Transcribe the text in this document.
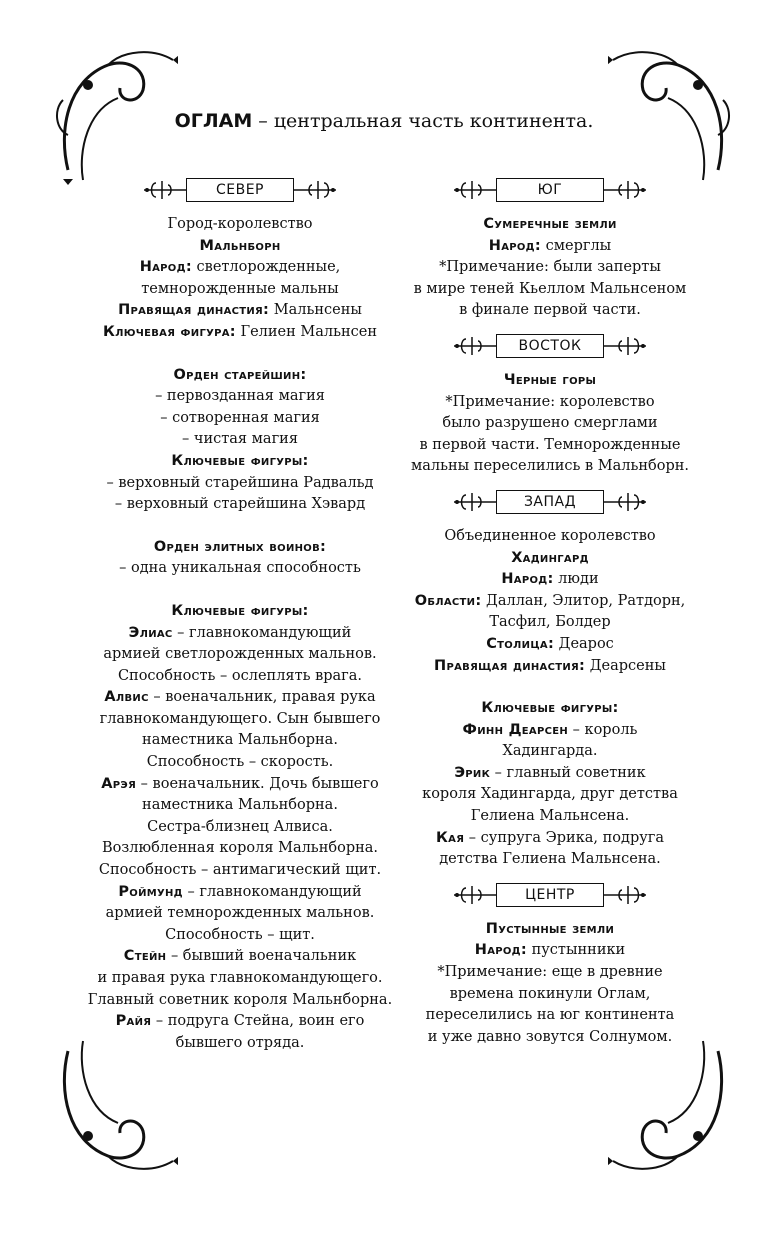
ОГЛАМ – центральная часть континента.
СЕВЕР
Город-королевство
Мальнборн
Народ: светлорожденные,
темнорожденные мальны
Правящая династия: Мальнсены
Ключевая фигура: Гелиен Мальнсен
Орден старейшин:
– первозданная магия
– сотворенная магия
– чистая магия
Ключевые фигуры:
– верховный старейшина Радвальд
– верховный старейшина Хэвард
Орден элитных воинов:
– одна уникальная способность
Ключевые фигуры:
Элиас – главнокомандующий
армией светлорожденных мальнов.
Способность – ослеплять врага.
Алвис – военачальник, правая рука
главнокомандующего. Сын бывшего
наместника Мальнборна.
Способность – скорость.
Арэя – военачальник. Дочь бывшего
наместника Мальнборна.
Сестра-близнец Алвиса.
Возлюбленная короля Мальнборна.
Способность – антимагический щит.
Роймунд – главнокомандующий
армией темнорожденных мальнов.
Способность – щит.
Стейн – бывший военачальник
и правая рука главнокомандующего.
Главный советник короля Мальнборна.
Райя – подруга Стейна, воин его
бывшего отряда.
ЮГ
Сумеречные земли
Народ: смерглы
*Примечание: были заперты
в мире теней Кьеллом Мальнсеном
в финале первой части.
ВОСТОК
Черные горы
*Примечание: королевство
было разрушено смерглами
в первой части. Темнорожденные
мальны переселились в Мальнборн.
ЗАПАД
Объединенное королевство
Хадингард
Народ: люди
Области: Даллан, Элитор, Ратдорн,
Тасфил, Болдер
Столица: Деарос
Правящая династия: Деарсены
Ключевые фигуры:
Финн Деарсен – король
Хадингарда.
Эрик – главный советник
короля Хадингарда, друг детства
Гелиена Мальнсена.
Кая – супруга Эрика, подруга
детства Гелиена Мальнсена.
ЦЕНТР
Пустынные земли
Народ: пустынники
*Примечание: еще в древние
времена покинули Оглам,
переселились на юг континента
и уже давно зовутся Солнумом.
